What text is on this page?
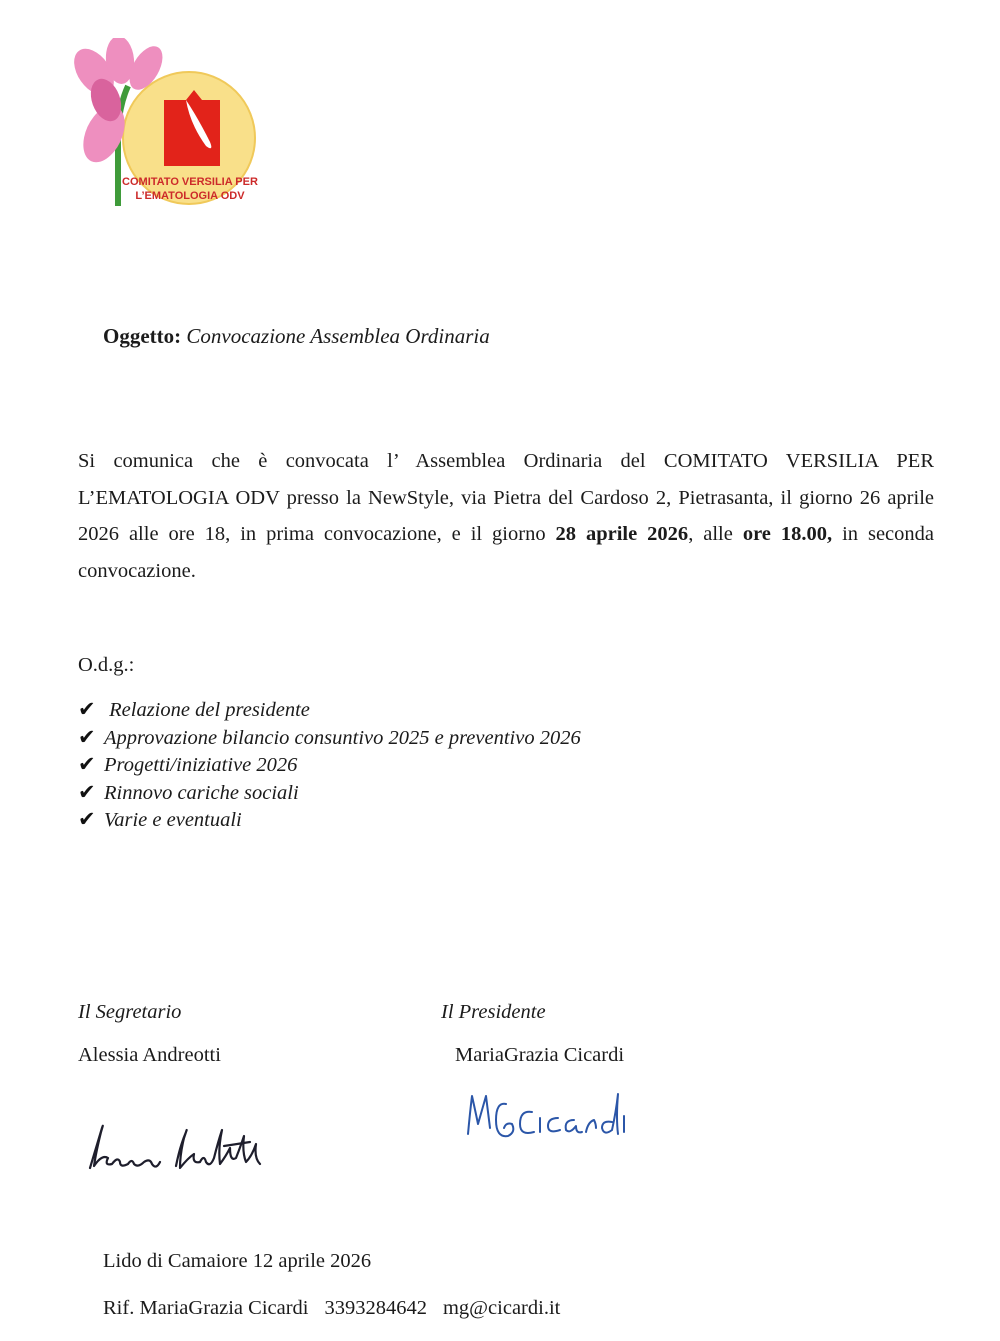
COMITATO VERSILIA PER
L’EMATOLOGIA ODV
Oggetto: Convocazione Assemblea Ordinaria
Si comunica che è convocata l’ Assemblea Ordinaria del COMITATO VERSILIA PER L’EMATOLOGIA ODV presso la NewStyle, via Pietra del Cardoso 2, Pietrasanta, il giorno 26 aprile 2026 alle ore 18, in prima convocazione, e il giorno 28 aprile 2026, alle ore 18.00, in seconda convocazione.
O.d.g.:
✔ Relazione del presidente
✔ Approvazione bilancio consuntivo 2025 e preventivo 2026
✔ Progetti/iniziative 2026
✔ Rinnovo cariche sociali
✔ Varie e eventuali
Il Segretario
Alessia Andreotti
Il Presidente
MariaGrazia Cicardi
Lido di Camaiore 12 aprile 2026
Rif. MariaGrazia Cicardi 3393284642 mg@cicardi.it
